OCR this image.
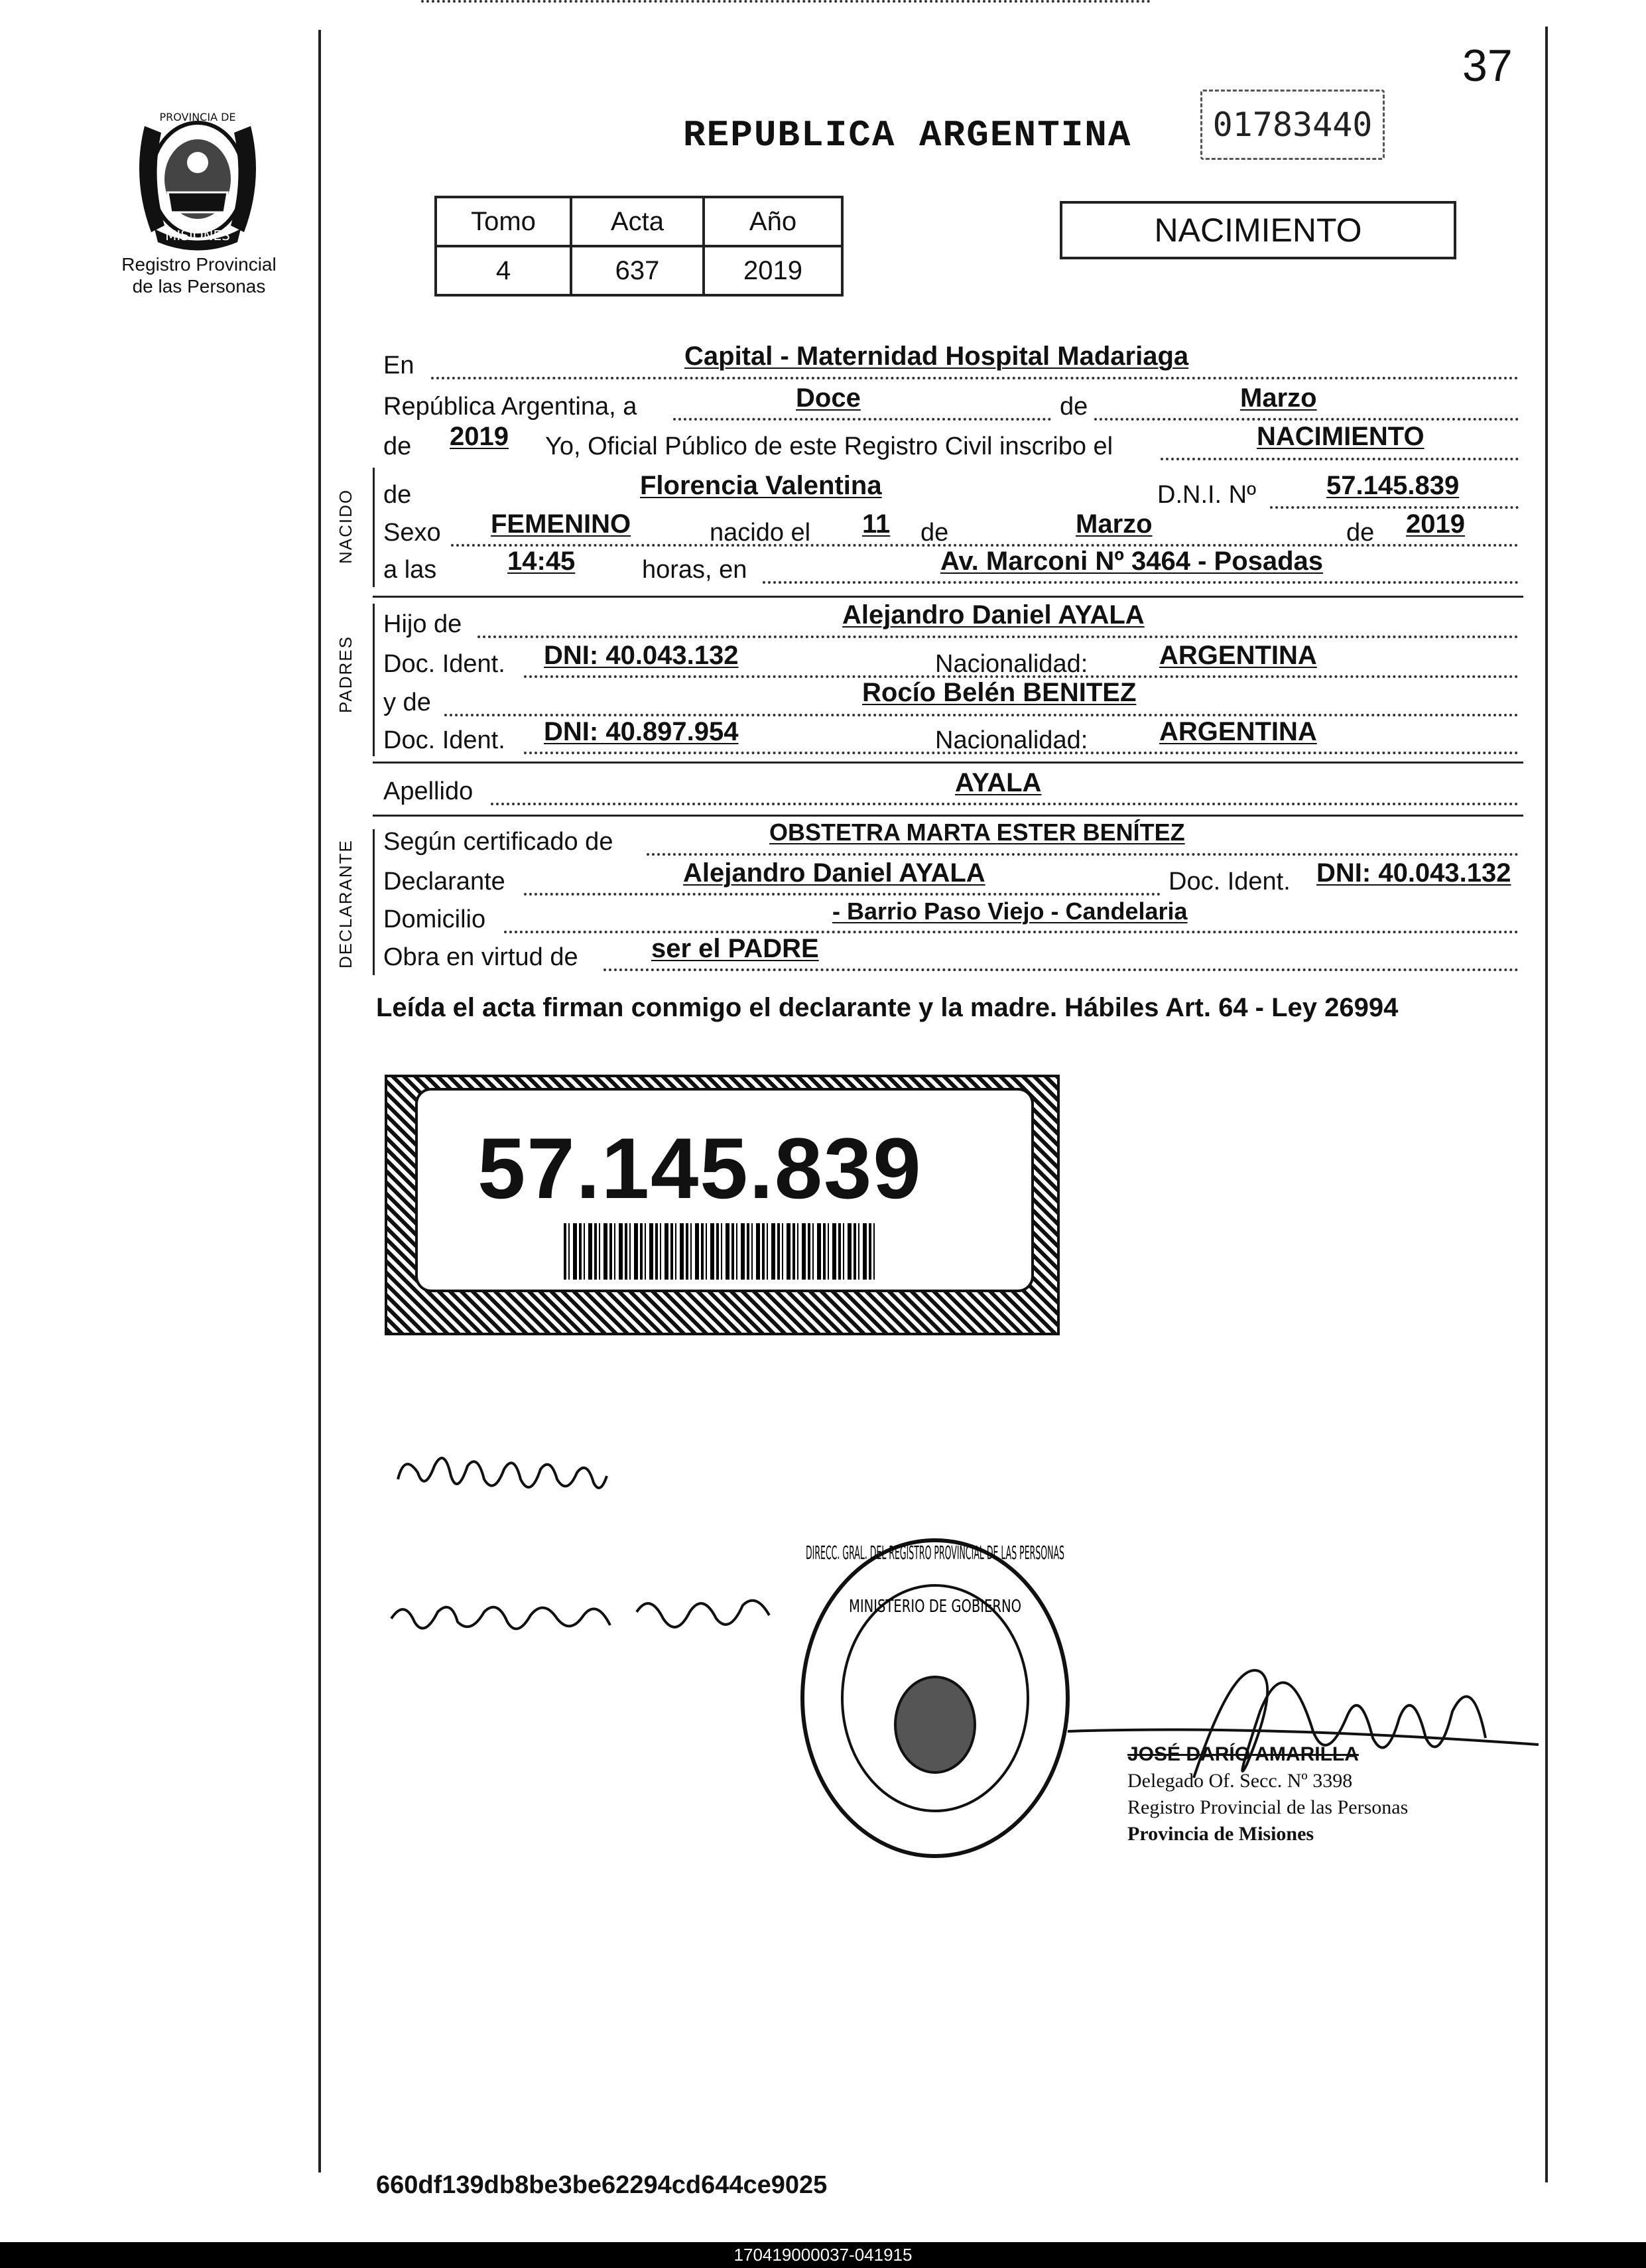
37
MISIONES
PROVINCIA DE
Registro Provincial
de las Personas
REPUBLICA ARGENTINA	01783440
Tomo	Acta	Año
4	637	2019
NACIMIENTO
NACIDO
PADRES
DECLARANTE
En	Capital - Maternidad Hospital Madariaga
República Argentina, a	Doce	de	Marzo
de 2019 Yo, Oficial Público de este Registro Civil inscribo el	NACIMIENTO
de	Florencia Valentina	D.N.I. Nº	57.145.839
Sexo FEMENINO	nacido el 11 de	Marzo	de 2019
a las	14:45	horas, en	Av. Marconi Nº 3464 - Posadas
Hijo de	Alejandro Daniel AYALA
Doc. Ident. DNI: 40.043.132	Nacionalidad:	ARGENTINA
y de	Rocío Belén BENITEZ
Doc. Ident. DNI: 40.897.954	Nacionalidad:	ARGENTINA
Apellido	AYALA
Según certificado de	OBSTETRA MARTA ESTER BENÍTEZ
Declarante	Alejandro Daniel AYALA	Doc. Ident. DNI: 40.043.132
Domicilio	- Barrio Paso Viejo - Candelaria
Obra en virtud de	ser el PADRE
Leída el acta firman conmigo el declarante y la madre. Hábiles Art. 64 - Ley 26994
57.145.839
DIRECC. GRAL. DEL REGISTRO PROVINCIAL DE LAS PERSONAS
MINISTERIO DE GOBIERNO
JOSÉ DARÍO AMARILLA
Delegado Of. Secc. Nº 3398
Registro Provincial de las Personas
Provincia de Misiones
660df139db8be3be62294cd644ce9025
170419000037-041915
